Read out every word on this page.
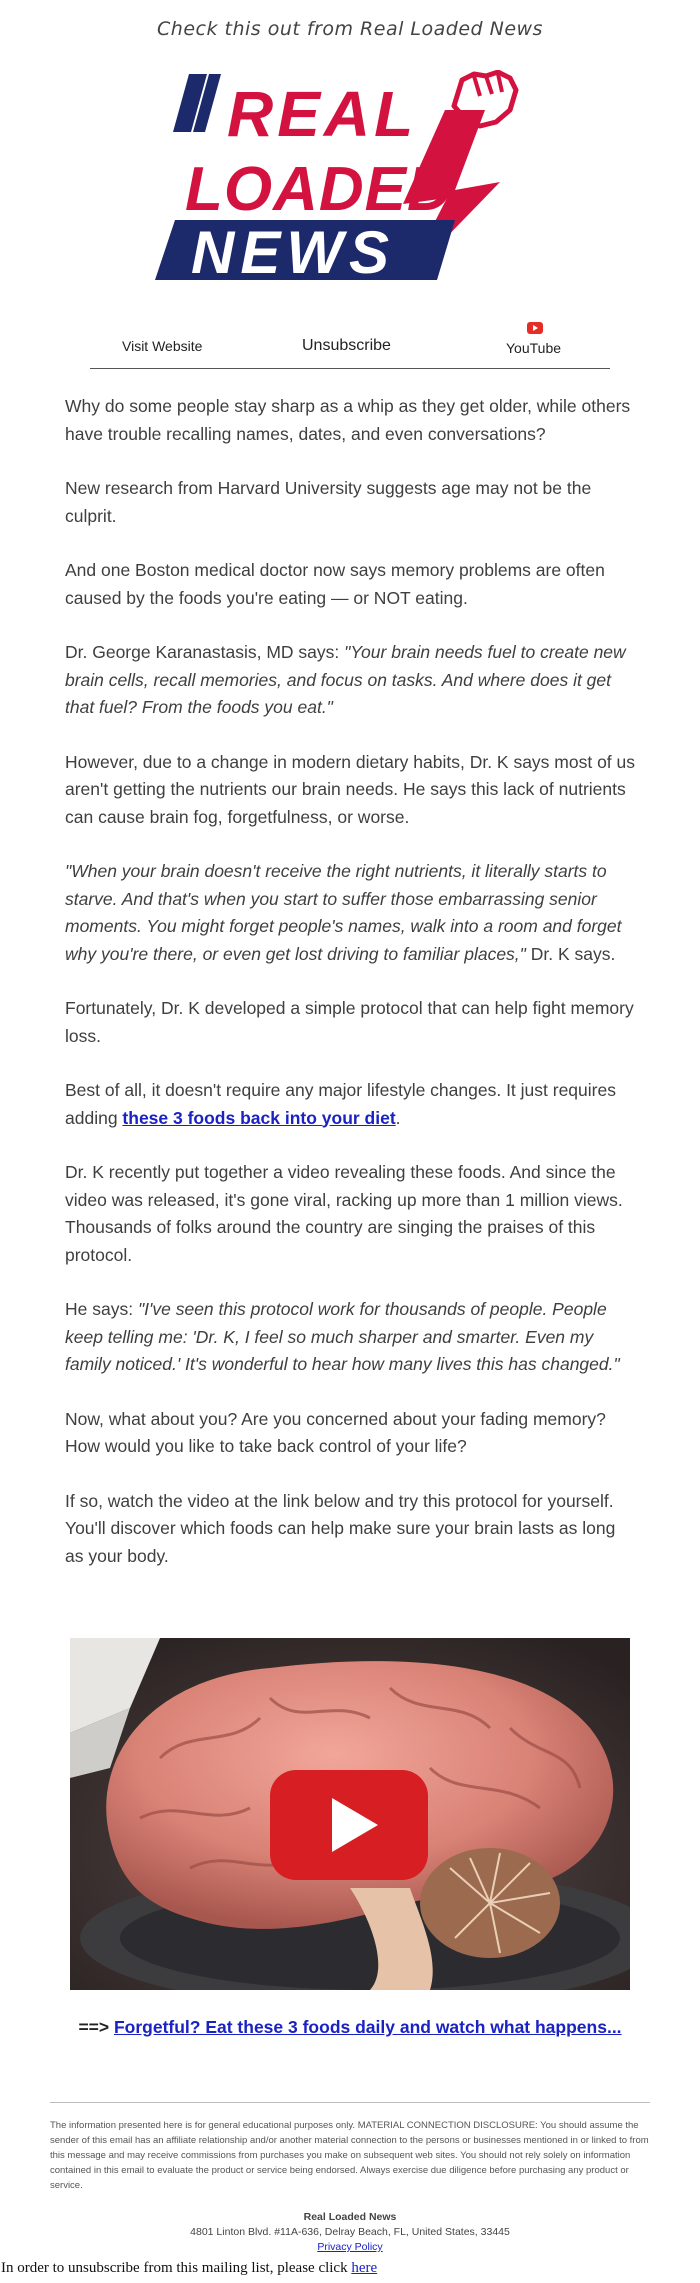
Check this out from Real Loaded News
REAL
LOADED
NEWS
Visit Website	Unsubscribe	YouTube

Why do some people stay sharp as a whip as they get older, while others have trouble recalling names, dates, and even conversations?

New research from Harvard University suggests age may not be the culprit.

And one Boston medical doctor now says memory problems are often caused by the foods you're eating — or NOT eating.

Dr. George Karanastasis, MD says: "Your brain needs fuel to create new brain cells, recall memories, and focus on tasks. And where does it get that fuel? From the foods you eat."

However, due to a change in modern dietary habits, Dr. K says most of us aren't getting the nutrients our brain needs. He says this lack of nutrients can cause brain fog, forgetfulness, or worse.

"When your brain doesn't receive the right nutrients, it literally starts to starve. And that's when you start to suffer those embarrassing senior moments. You might forget people's names, walk into a room and forget why you're there, or even get lost driving to familiar places," Dr. K says.

Fortunately, Dr. K developed a simple protocol that can help fight memory loss.

Best of all, it doesn't require any major lifestyle changes. It just requires adding these 3 foods back into your diet.

Dr. K recently put together a video revealing these foods. And since the video was released, it's gone viral, racking up more than 1 million views. Thousands of folks around the country are singing the praises of this protocol.

He says: "I've seen this protocol work for thousands of people. People keep telling me: 'Dr. K, I feel so much sharper and smarter. Even my family noticed.' It's wonderful to hear how many lives this has changed."

Now, what about you? Are you concerned about your fading memory? How would you like to take back control of your life?

If so, watch the video at the link below and try this protocol for yourself. You'll discover which foods can help make sure your brain lasts as long as your body.

==> Forgetful? Eat these 3 foods daily and watch what happens...
The information presented here is for general educational purposes only. MATERIAL CONNECTION DISCLOSURE: You should assume the sender of this email has an affiliate relationship and/or another material connection to the persons or businesses mentioned in or linked to from this message and may receive commissions from purchases you make on subsequent web sites. You should not rely solely on information contained in this email to evaluate the product or service being endorsed. Always exercise due diligence before purchasing any product or service.
Real Loaded News
4801 Linton Blvd. #11A-636, Delray Beach, FL, United States, 33445
Privacy Policy
In order to unsubscribe from this mailing list, please click here
